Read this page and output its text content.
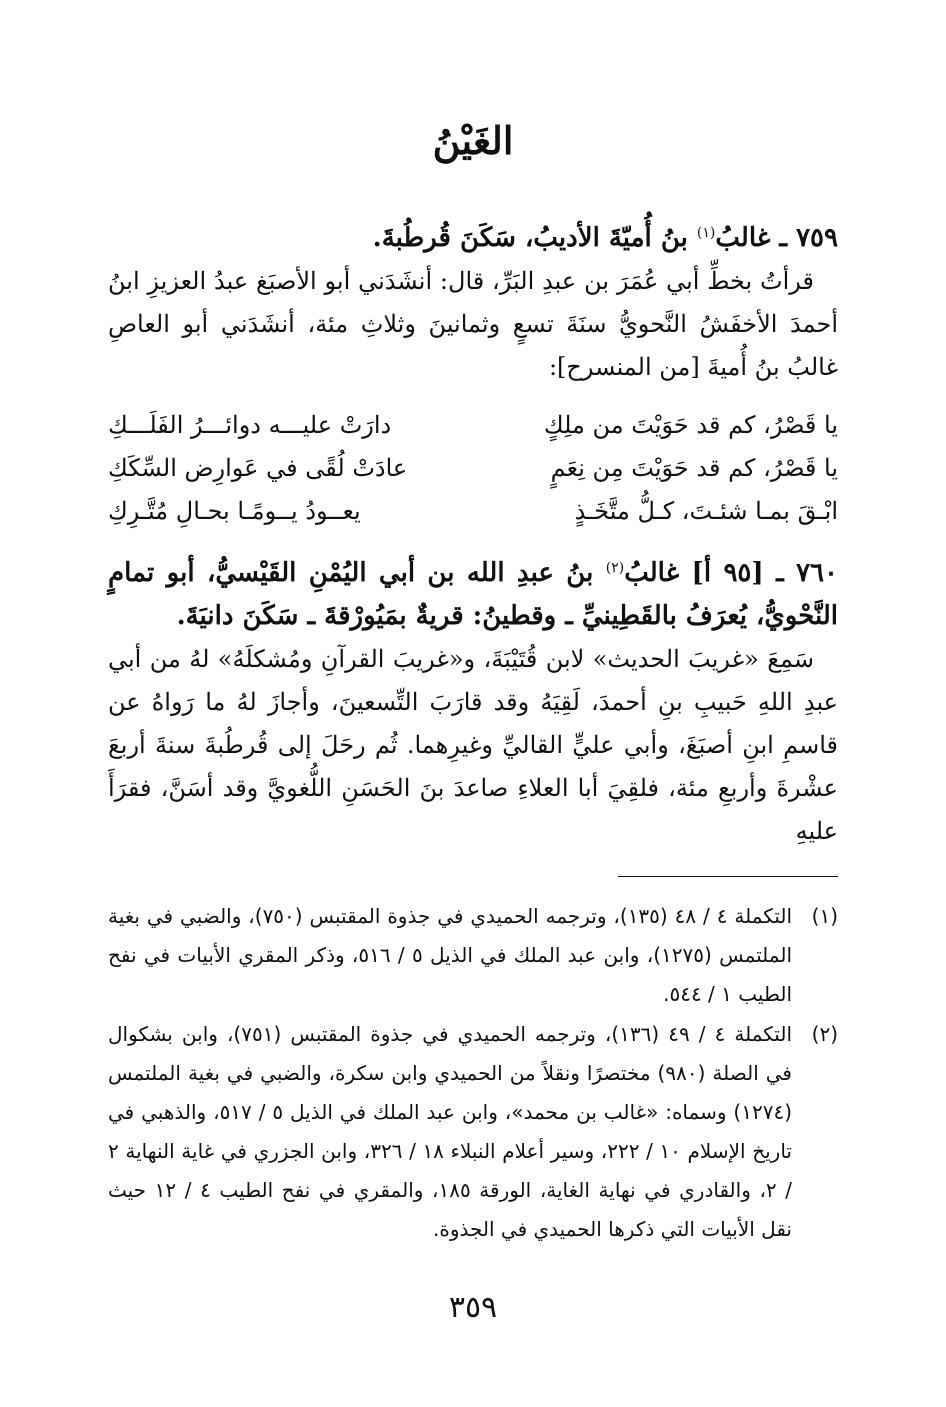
الغَيْنُ
٧٥٩ ـ غالبُ$^{(١)}$ بنُ أُميّةَ الأديبُ، سَكَنَ قُرطُبةَ.
قرأتُ بخطِّ أبي عُمَرَ بن عبدِ البَرِّ، قال: أنشَدَني أبو الأصبَغ عبدُ العزيزِ ابنُ أحمدَ الأخفَشُ النَّحويُّ سنَةَ تسعٍ وثمانينَ وثلاثِ مئة، أنشَدَني أبو العاصِ غالبُ بنُ أُميةَ [من المنسرح]:
يا قَصْرُ، كم قد حَوَيْتَ من ملِكٍ
دارَتْ عليـــه دوائـــرُ الفَلَـــكِ
يا قَصْرُ، كم قد حَوَيْتَ مِن نِعَمٍ
عادَتْ لُقًى في عَوارِض السِّكَكِ
ابْـقَ بمـا شئـتَ، كـلُّ متَّخَـذٍ
يعــودُ يــومًـا بحـالِ مُتَّـرِكِ
٧٦٠ ـ [٩٥ أ] غالبُ$^{(٢)}$ بنُ عبدِ الله بن أبي اليُمْنِ القَيْسيُّ، أبو تمامٍ النَّحْويُّ، يُعرَفُ بالقَطِينيِّ ـ وقطينُ: قريةٌ بمَيُورْقةَ ـ سَكَنَ دانيَةَ.
سَمِعَ «غريبَ الحديث» لابن قُتَيْبَةَ، و«غريبَ القرآنِ ومُشكلَهُ» لهُ من أبي عبدِ اللهِ حَبيبِ بنِ أحمدَ، لَقِيَهُ وقد قارَبَ التِّسعينَ، وأجازَ لهُ ما رَواهُ عن قاسمِ ابنِ أصبَغَ، وأبي عليٍّ القاليِّ وغيرِهما. ثُم رحَلَ إلى قُرطُبةَ سنةَ أربعَ عشْرةَ وأربعِ مئة، فلقِيَ أبا العلاءِ صاعدَ بنَ الحَسَنِ اللُّغويَّ وقد أسَنَّ، فقرَأَ عليهِ
(١)
التكملة ٤ / ٤٨ (١٣٥)، وترجمه الحميدي في جذوة المقتبس (٧٥٠)، والضبي في بغية الملتمس (١٢٧٥)، وابن عبد الملك في الذيل ٥ / ٥١٦، وذكر المقري الأبيات في نفح الطيب ١ / ٥٤٤.
(٢)
التكملة ٤ / ٤٩ (١٣٦)، وترجمه الحميدي في جذوة المقتبس (٧٥١)، وابن بشكوال في الصلة (٩٨٠) مختصرًا ونقلاً من الحميدي وابن سكرة، والضبي في بغية الملتمس (١٢٧٤) وسماه: «غالب بن محمد»، وابن عبد الملك في الذيل ٥ / ٥١٧، والذهبي في تاريخ الإسلام ١٠ / ٢٢٢، وسير أعلام النبلاء ١٨ / ٣٢٦، وابن الجزري في غاية النهاية ٢ / ٢، والقادري في نهاية الغاية، الورقة ١٨٥، والمقري في نفح الطيب ٤ / ١٢ حيث نقل الأبيات التي ذكرها الحميدي في الجذوة.
٣٥٩
